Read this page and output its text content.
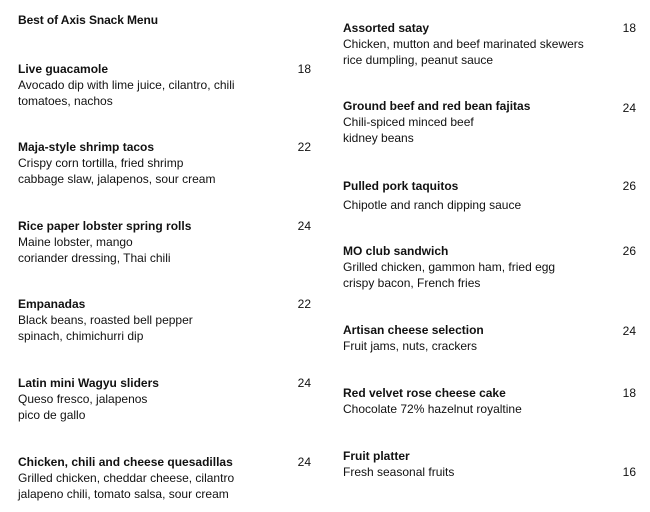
Best of Axis Snack Menu
Live guacamole
Avocado dip with lime juice, cilantro, chili
tomatoes, nachos
18
Maja-style shrimp tacos
Crispy corn tortilla, fried shrimp
cabbage slaw, jalapenos, sour cream
22
Rice paper lobster spring rolls
Maine lobster, mango
coriander dressing, Thai chili
24
Empanadas
Black beans, roasted bell pepper
spinach, chimichurri dip
22
Latin mini Wagyu sliders
Queso fresco, jalapenos
pico de gallo
24
Chicken, chili and cheese quesadillas
Grilled chicken, cheddar cheese, cilantro
jalapeno chili, tomato salsa, sour cream
24
Assorted satay
Chicken, mutton and beef marinated skewers
rice dumpling, peanut sauce
18
Ground beef and red bean fajitas
Chili-spiced minced beef
kidney beans
24
Pulled pork taquitos
Chipotle and ranch dipping sauce
26
MO club sandwich
Grilled chicken, gammon ham, fried egg
crispy bacon, French fries
26
Artisan cheese selection
Fruit jams, nuts, crackers
24
Red velvet rose cheese cake
Chocolate 72% hazelnut royaltine
18
Fruit platter
Fresh seasonal fruits	16
